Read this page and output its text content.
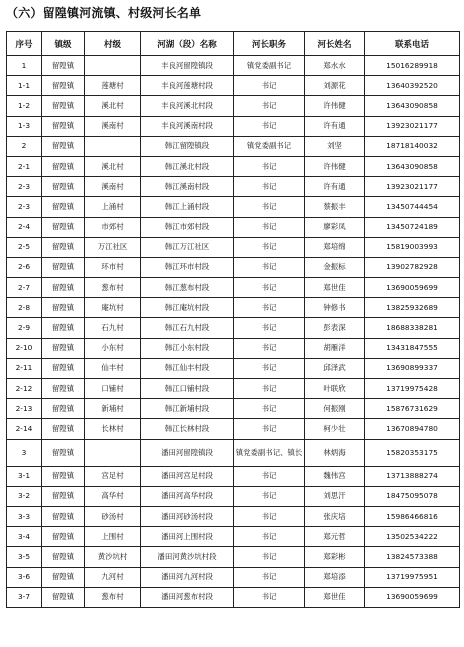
（六）留隍镇河流镇、村级河长名单
序号	镇级	村级	河湖（段）名称	河长职务	河长姓名	联系电话
1	留隍镇		丰良河留隍镇段	镇党委副书记	郑水水	15016289918
1-1	留隍镇	莲塘村	丰良河莲塘村段	书记	刘源花	13640392520
1-2	留隍镇	溪北村	丰良河溪北村段	书记	许伟健	13643090858
1-3	留隍镇	溪南村	丰良河溪南村段	书记	许有通	13923021177
2	留隍镇		韩江留隍镇段	镇党委副书记	刘坚	18718140032
2-1	留隍镇	溪北村	韩江溪北村段	书记	许伟健	13643090858
2-3	留隍镇	溪南村	韩江溪南村段	书记	许有通	13923021177
2-3	留隍镇	上涌村	韩江上涌村段	书记	蔡振丰	13450744454
2-4	留隍镇	市郊村	韩江市郊村段	书记	廖彩凤	13450724189
2-5	留隍镇	万江社区	韩江万江社区	书记	郑培绵	15819003993
2-6	留隍镇	环市村	韩江环市村段	书记	金振标	13902782928
2-7	留隍镇	葱布村	韩江葱布村段	书记	郑世佳	13690059699
2-8	留隍镇	庵坑村	韩江庵坑村段	书记	钟修书	13825932689
2-9	留隍镇	石九村	韩江石九村段	书记	彭表深	18688338281
2-10	留隍镇	小东村	韩江小东村段	书记	胡雁洋	13431847555
2-11	留隍镇	仙丰村	韩江仙丰村段	书记	邱泽武	13690899337
2-12	留隍镇	口铺村	韩江口铺村段	书记	叶联欣	13719975428
2-13	留隍镇	新埔村	韩江新埔村段	书记	何振刚	15876731629
2-14	留隍镇	长林村	韩江长林村段	书记	柯少壮	13670894780
3	留隍镇		潘田河留隍镇段	镇党委副书记、镇长	林炳海	15820353175
3-1	留隍镇	宫足村	潘田河宫足村段	书记	魏伟宫	13713888274
3-2	留隍镇	高华村	潘田河高华村段	书记	刘思汗	18475095078
3-3	留隍镇	砂汤村	潘田河砂汤村段	书记	张庆培	15986466816
3-4	留隍镇	上围村	潘田河上围村段	书记	郑元哲	13502534222
3-5	留隍镇	黄沙坑村	潘田河黄沙坑村段	书记	郑彩彬	13824573388
3-6	留隍镇	九河村	潘田河九河村段	书记	郑培添	13719975951
3-7	留隍镇	葱布村	潘田河葱布村段	书记	郑世佳	13690059699
